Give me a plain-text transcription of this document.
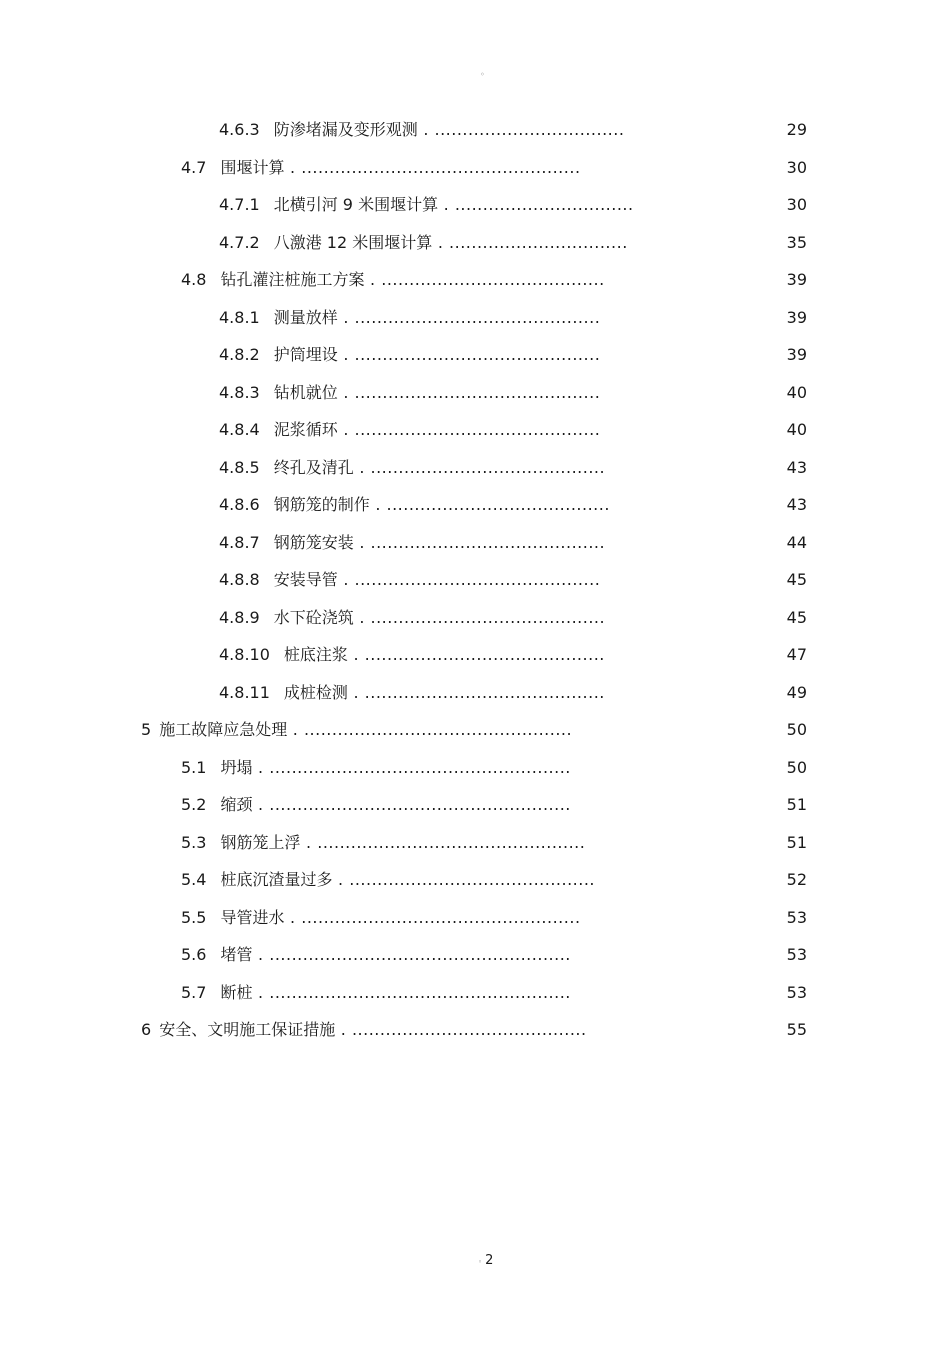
◦
4.6.3 防渗堵漏及变形观测 . ..................................	29
4.7 围堰计算 . ..................................................	30
4.7.1 北横引河 9 米围堰计算 . ................................	30
4.7.2 八激港 12 米围堰计算 . ................................	35
4.8 钻孔灌注桩施工方案 . ........................................	39
4.8.1 测量放样 . ............................................	39
4.8.2 护筒埋设 . ............................................	39
4.8.3 钻机就位 . ............................................	40
4.8.4 泥浆循环 . ............................................	40
4.8.5 终孔及清孔 . ..........................................	43
4.8.6 钢筋笼的制作 . ........................................	43
4.8.7 钢筋笼安装 . ..........................................	44
4.8.8 安装导管 . ............................................	45
4.8.9 水下砼浇筑 . ..........................................	45
4.8.10 桩底注浆 . ...........................................	47
4.8.11 成桩检测 . ...........................................	49
5 施工故障应急处理 . ................................................	50
5.1 坍塌 . ......................................................	50
5.2 缩颈 . ......................................................	51
5.3 钢筋笼上浮 . ................................................	51
5.4 桩底沉渣量过多 . ............................................	52
5.5 导管进水 . ..................................................	53
5.6 堵管 . ......................................................	53
5.7 断桩 . ......................................................	53
6 安全、文明施工保证措施 . ..........................................	55
◦ 2
